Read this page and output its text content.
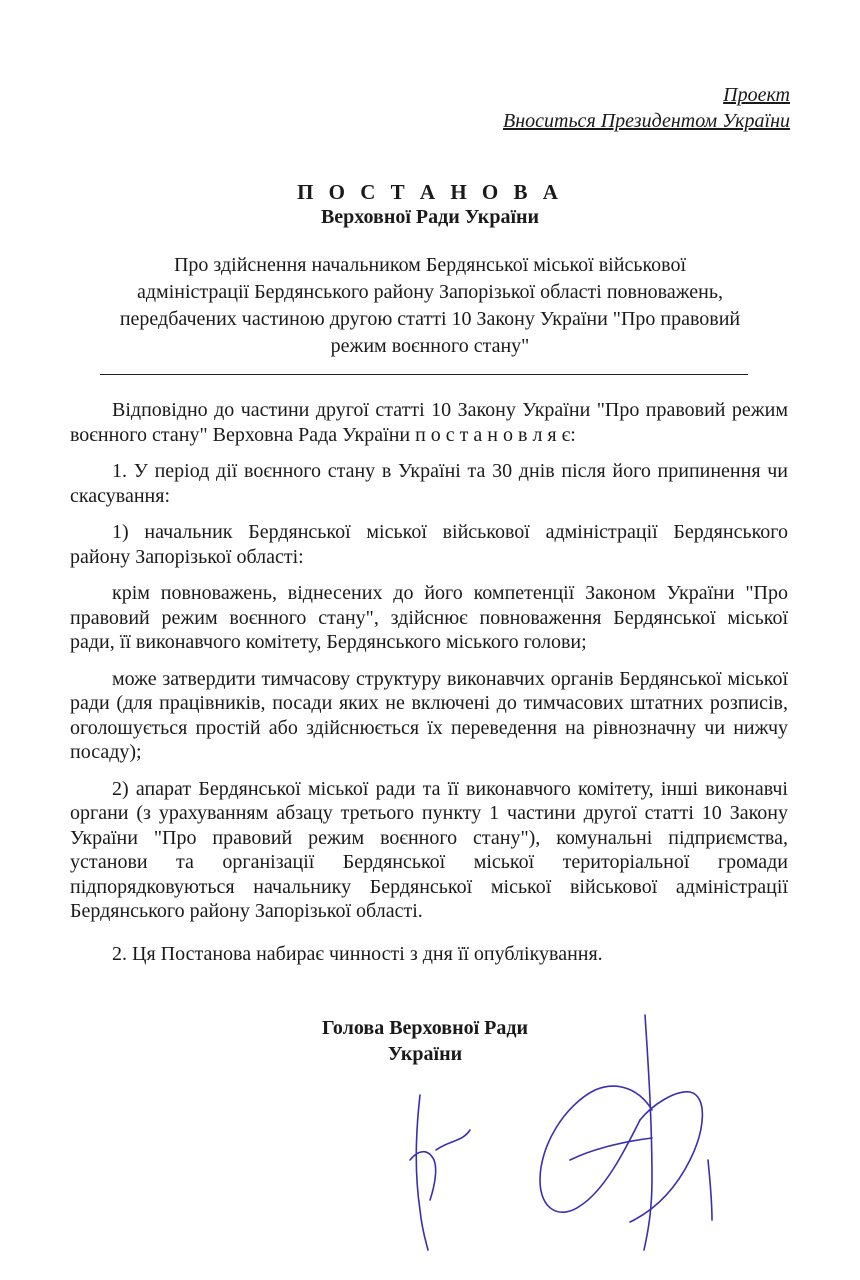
Проект
Вноситься Президентом України
П О С Т А Н О В А
Верховної Ради України
Про здійснення начальником Бердянської міської військової
адміністрації Бердянського району Запорізької області повноважень,
передбачених частиною другою статті 10 Закону України "Про правовий
режим воєнного стану"

Відповідно до частини другої статті 10 Закону України "Про правовий режим воєнного стану" Верховна Рада України п о с т а н о в л я є:

1. У період дії воєнного стану в Україні та 30 днів після його припинення чи скасування:

1) начальник Бердянської міської військової адміністрації Бердянського району Запорізької області:

крім повноважень, віднесених до його компетенції Законом України "Про правовий режим воєнного стану", здійснює повноваження Бердянської міської ради, її виконавчого комітету, Бердянського міського голови;

може затвердити тимчасову структуру виконавчих органів Бердянської міської ради (для працівників, посади яких не включені до тимчасових штатних розписів, оголошується простій або здійснюється їх переведення на рівнозначну чи нижчу посаду);

2) апарат Бердянської міської ради та її виконавчого комітету, інші виконавчі органи (з урахуванням абзацу третього пункту 1 частини другої статті 10 Закону України "Про правовий режим воєнного стану"), комунальні підприємства, установи та організації Бердянської міської територіальної громади підпорядковуються начальнику Бердянської міської військової адміністрації Бердянського району Запорізької області.

2. Ця Постанова набирає чинності з дня її опублікування.

Голова Верховної Ради
України
